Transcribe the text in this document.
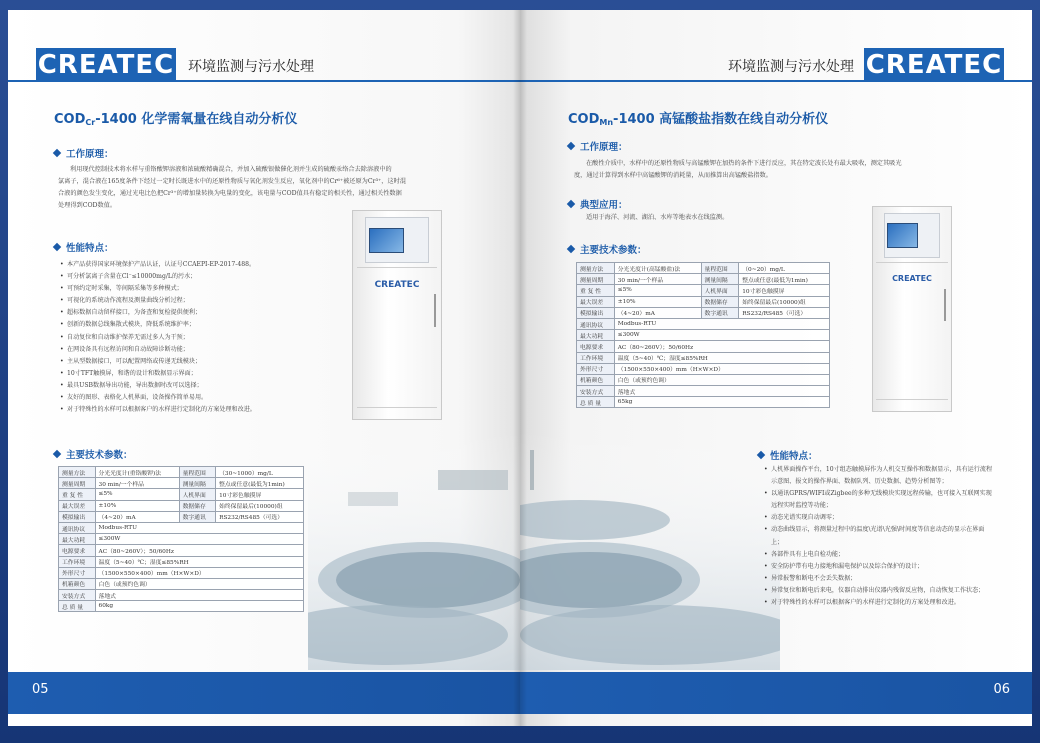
CREATEC 环境监测与污水处理
$COD_{Cr}-1400$ 化学需氧量在线自动分析仪
工作原理：
利用现代控制技术将水样与重铬酸钾溶液和浓硫酸精确混合，并加入硫酸银做催化剂并生成的硫酸汞络合去除溶液中的
氯离子，混合液在165度条件下经过一定时长既进水中的还原性物质与氧化剂发生反应，氧化剂中的Cr⁶⁺被还原为Cr³⁺，这时混
合液的颜色发生变化，通过光电比色把Cr³⁺的增加量转换为电量的变化，该电量与COD值具有稳定的相关性，通过相关性数据
处理得到COD数值。
性能特点：
• 本产品获得国家环境保护产品认证，认证号CCAEPI-EP-2017-488。
• 可分析氯离子含量在Cl⁻≤10000mg/L的污水；
• 可预约定时采集，等间隔采集等多种模式；
• 可视化的系统动作流程及测量曲线分析过程；
• 超标数据自动留样接口，为备查和复检提供便利；
• 创新的数据总线集散式模块，降低系统维护率；
• 自动复位和自动维护保养无需过多人为干预；
• 在网设备具有远程访问和自动故障诊断功能；
• 主从型数据接口，可以配置网络或传递无线模块；
• 10寸TFT触摸屏，和谐的设计和数据显示界面；
• 最具USB数据导出功能，导出数据时改可以选择；
• 友好的图形、表格化人机界面，设备操作简单易用。
• 对于特殊性的水样可以根据客户的水样进行定制化的方案处理和改进。
CREATEC
主要技术参数：
测量方法	分光光度计(重铬酸钾)法	量程范围	（30~1000）mg/L
测量周期	30 min/一个样品	测量间隔	整点或任意(最低为1min)
重 复 性	≤5%	人机界面	10寸彩色触摸屏
最大误差	±10%	数据储存	始终保留最后(10000)组
模拟输出	（4~20）mA	数字通讯	RS232/RS485（可选）
通讯协议	Modbus-RTU		
最大功耗	≤300W		
电源要求	AC（80~260V）；50/60Hz		
工作环境	温度（5~40）℃；湿度≤85%RH		
外形尺寸	（1500×550×400）mm（H×W×D）		
机箱颜色	白色（或预约色调）		
安装方式	落地式		
总 质 量	60kg		
05
CREATEC
环境监测与污水处理
$COD_{Mn}-1400$ 高锰酸盐指数在线自动分析仪
工作原理：
在酸性介质中，水样中的还原性物质与高锰酸钾在加热的条件下进行反应，其在特定波长处有最大吸收，测定其吸光
度，通过计算得到水样中高锰酸钾的消耗量，从而推算出高锰酸盐指数。
典型应用：
适用于海洋、河流、湖泊、水库等地表水在线监测。
主要技术参数：
测量方法	分光光度计(高锰酸盐)法	量程范围	（0~20）mg/L
测量周期	30 min/一个样品	测量间隔	整点或任意(最低为1min)
重 复 性	≤5%	人机界面	10寸彩色触摸屏
最大误差	±10%	数据储存	始终保留最后(10000)组
模拟输出	（4~20）mA	数字通讯	RS232/RS485（可选）
通讯协议	Modbus-RTU		
最大功耗	≤300W		
电源要求	AC（80~260V）；50/60Hz		
工作环境	温度（5~40）℃；湿度≤85%RH		
外形尺寸	（1500×550×400）mm（H×W×D）		
机箱颜色	白色（或预约色调）		
安装方式	落地式		
总 质 量	65kg		
CREATEC
性能特点：
• 人机界面操作平台，10寸组态触摸屏作为人机交互操作和数据显示，具有运行流程示意图、报文的操作界面、数据队列、历史数据、趋势分析图等；
• 以通讯GPRS/WIFI或Zigbee的多种无线模块实现远程传输，也可接入互联网实现远程实时监控等功能；
• 动态光谱实现自动调零；
• 动态曲线显示，将测量过程中的温度\光谱\光强\时间度等信息动态的显示在界面上；
• 各部件具有上电自检功能；
• 安全防护带有电力接地和漏电保护以及综合保护的设计；
• 异常报警和断电不会丢失数据；
• 异常复位和断电后来电，仪器自动排出仪器内残留反应物，自动恢复工作状态；
• 对于特殊性的水样可以根据客户的水样进行定制化的方案处理和改进。
06
